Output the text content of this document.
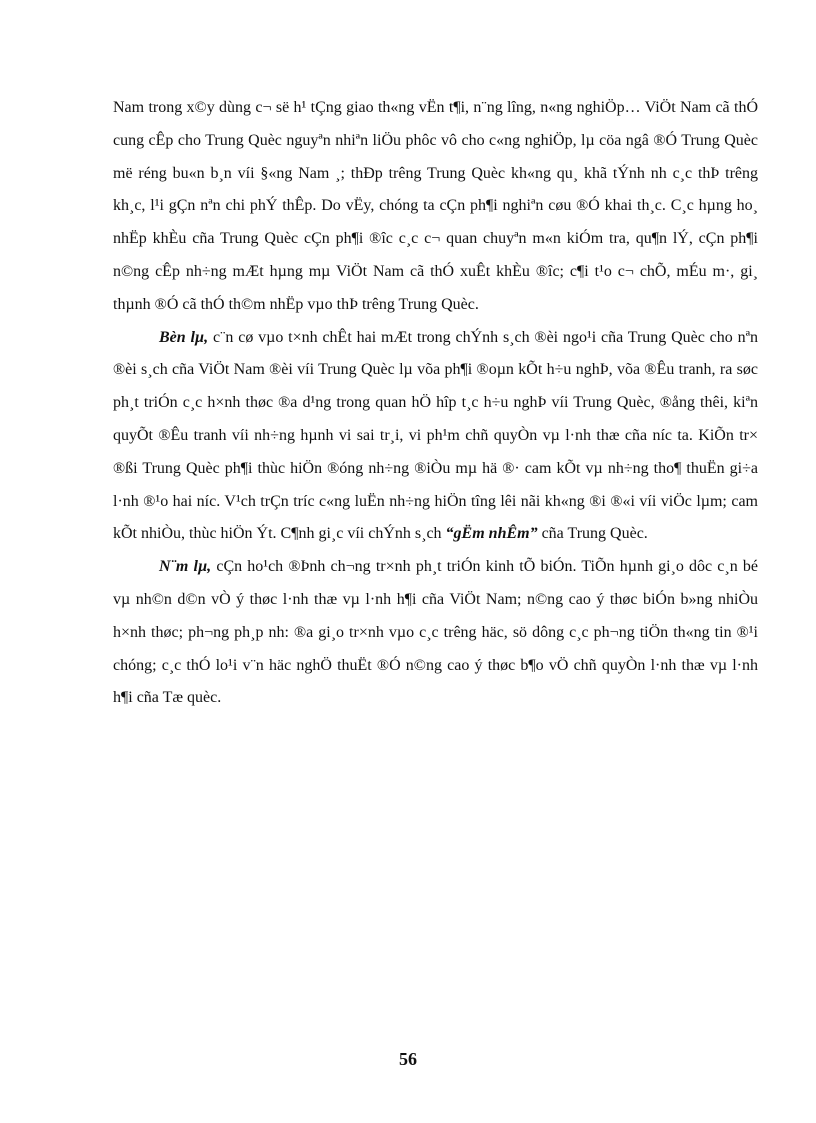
Nam trong x©y dùng c¬ së h¹ tÇng giao th«ng vËn t¶i, n¨ng lîng, n«ng nghiÖp… ViÖt Nam cã thÓ cung cÊp cho Trung Quèc nguyªn nhiªn liÖu phôc vô cho c«ng nghiÖp, lµ cöa ngâ ®Ó Trung Quèc më réng bu«n b¸n víi §«ng Nam ¸; thÐp trêng Trung Quèc kh«ng qu¸ khã tÝnh nh c¸c thÞ trêng kh¸c, l¹i gÇn nªn chi phÝ thÊp. Do vËy, chóng ta cÇn ph¶i nghiªn cøu ®Ó khai th¸c. C¸c hµng ho¸ nhËp khÈu cña Trung Quèc cÇn ph¶i ®îc c¸c c¬ quan chuyªn m«n kiÓm tra, qu¶n lÝ, cÇn ph¶i n©ng cÊp nh÷ng mÆt hµng mµ ViÖt Nam cã thÓ xuÊt khÈu ®îc; c¶i t¹o c¬ chÕ, mÉu m·, gi¸ thµnh ®Ó cã thÓ th©m nhËp vµo thÞ trêng Trung Quèc.

Bèn lµ, c¨n cø vµo t×nh chÊt hai mÆt trong chÝnh s¸ch ®èi ngo¹i cña Trung Quèc cho nªn ®èi s¸ch cña ViÖt Nam ®èi víi Trung Quèc lµ võa ph¶i ®oµn kÕt h÷u nghÞ, võa ®Êu tranh, ra søc ph¸t triÓn c¸c h×nh thøc ®a d¹ng trong quan hÖ hîp t¸c h÷u nghÞ víi Trung Quèc, ®ång thêi, kiªn quyÕt ®Êu tranh víi nh÷ng hµnh vi sai tr¸i, vi ph¹m chñ quyÒn vµ l·nh thæ cña níc ta. KiÕn tr× ®ßi Trung Quèc ph¶i thùc hiÖn ®óng nh÷ng ®iÒu mµ hä ®· cam kÕt vµ nh÷ng tho¶ thuËn gi÷a l·nh ®¹o hai níc. V¹ch trÇn tríc c«ng luËn nh÷ng hiÖn tîng lêi nãi kh«ng ®i ®«i víi viÖc lµm; cam kÕt nhiÒu, thùc hiÖn Ýt. C¶nh gi¸c víi chÝnh s¸ch “gËm nhÊm” cña Trung Quèc.

N¨m lµ, cÇn ho¹ch ®Þnh ch¬ng tr×nh ph¸t triÓn kinh tÕ biÓn. TiÕn hµnh gi¸o dôc c¸n bé vµ nh©n d©n vÒ ý thøc l·nh thæ vµ l·nh h¶i cña ViÖt Nam; n©ng cao ý thøc biÓn b»ng nhiÒu h×nh thøc; ph¬ng ph¸p nh: ®a gi¸o tr×nh vµo c¸c trêng häc, sö dông c¸c ph¬ng tiÖn th«ng tin ®¹i chóng; c¸c thÓ lo¹i v¨n häc nghÖ thuËt ®Ó n©ng cao ý thøc b¶o vÖ chñ quyÒn l·nh thæ vµ l·nh h¶i cña Tæ quèc.

56
